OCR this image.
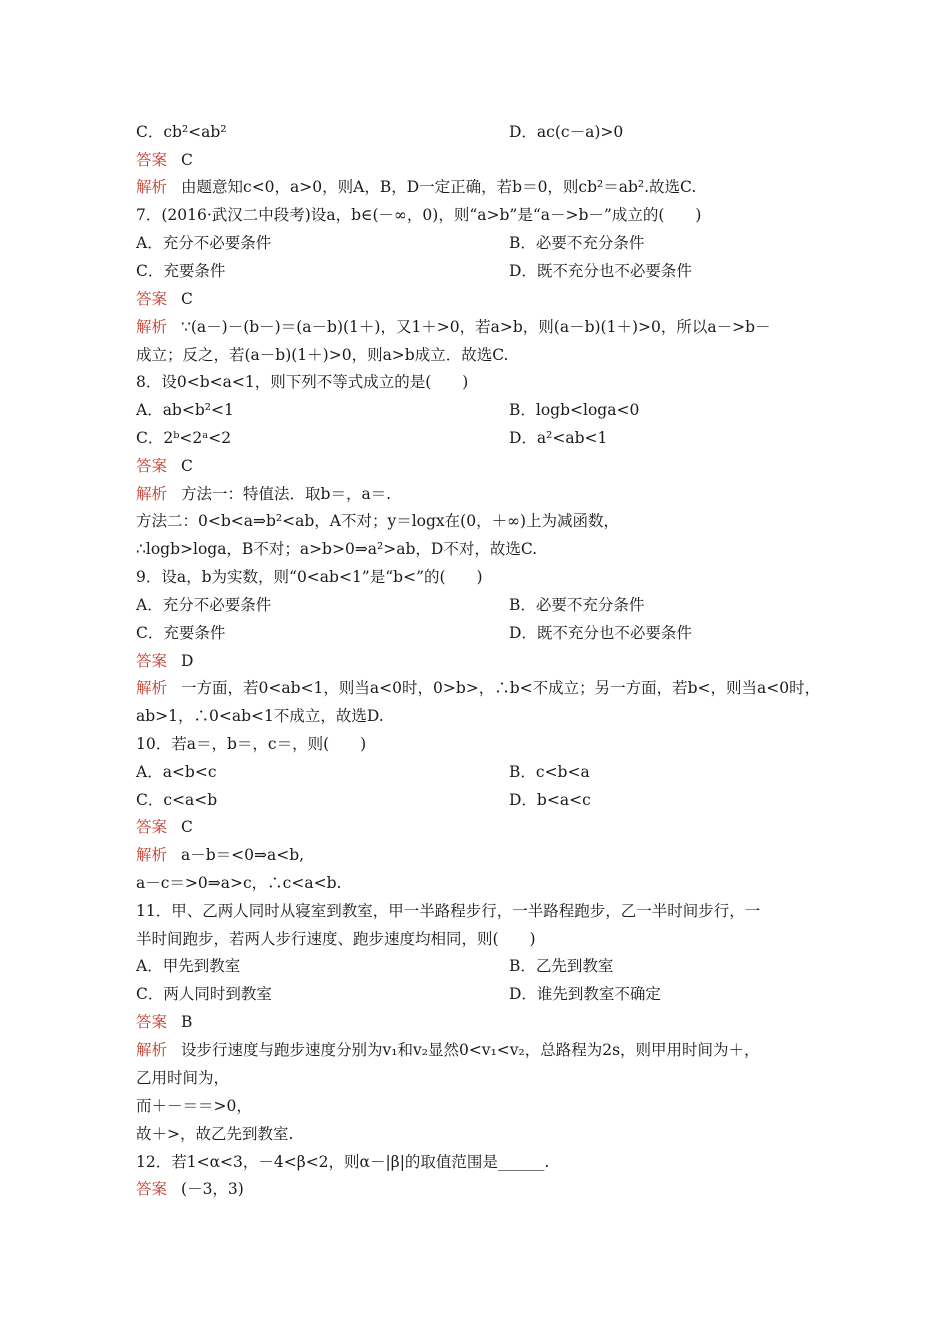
C．cb²<ab²	D．ac(c－a)>0
答案 C
解析 由题意知c<0，a>0，则A，B，D一定正确，若b＝0，则cb²＝ab².故选C.
7．(2016·武汉二中段考)设a，b∈(－∞，0)，则“a>b”是“a－>b－”成立的(　　)
A．充分不必要条件	B．必要不充分条件
C．充要条件	D．既不充分也不必要条件
答案 C
解析 ∵(a－)－(b－)＝(a－b)(1＋)，又1＋>0，若a>b，则(a－b)(1＋)>0，所以a－>b－
成立；反之，若(a－b)(1＋)>0，则a>b成立．故选C.
8．设0<b<a<1，则下列不等式成立的是(　　)
A．ab<b²<1	B．logb<loga<0
C．2ᵇ<2ᵃ<2	D．a²<ab<1
答案 C
解析 方法一：特值法．取b＝，a＝.
方法二：0<b<a⇒b²<ab，A不对；y＝logx在(0，＋∞)上为减函数，
∴logb>loga，B不对；a>b>0⇒a²>ab，D不对，故选C.
9．设a，b为实数，则“0<ab<1”是“b<”的(　　)
A．充分不必要条件	B．必要不充分条件
C．充要条件	D．既不充分也不必要条件
答案 D
解析 一方面，若0<ab<1，则当a<0时，0>b>，∴b<不成立；另一方面，若b<，则当a<0时，
ab>1，∴0<ab<1不成立，故选D.
10．若a＝，b＝，c＝，则(　　)
A．a<b<c	B．c<b<a
C．c<a<b	D．b<a<c
答案 C
解析 a－b＝<0⇒a<b,
a－c＝>0⇒a>c，∴c<a<b.
11．甲、乙两人同时从寝室到教室，甲一半路程步行，一半路程跑步，乙一半时间步行，一
半时间跑步，若两人步行速度、跑步速度均相同，则(　　)
A．甲先到教室	B．乙先到教室
C．两人同时到教室	D．谁先到教室不确定
答案 B
解析 设步行速度与跑步速度分别为v₁和v₂显然0<v₁<v₂，总路程为2s，则甲用时间为＋，
乙用时间为，
而＋－＝＝>0，
故＋>，故乙先到教室.
12．若1<α<3，－4<β<2，则α－|β|的取值范围是______.
答案 (－3，3)
